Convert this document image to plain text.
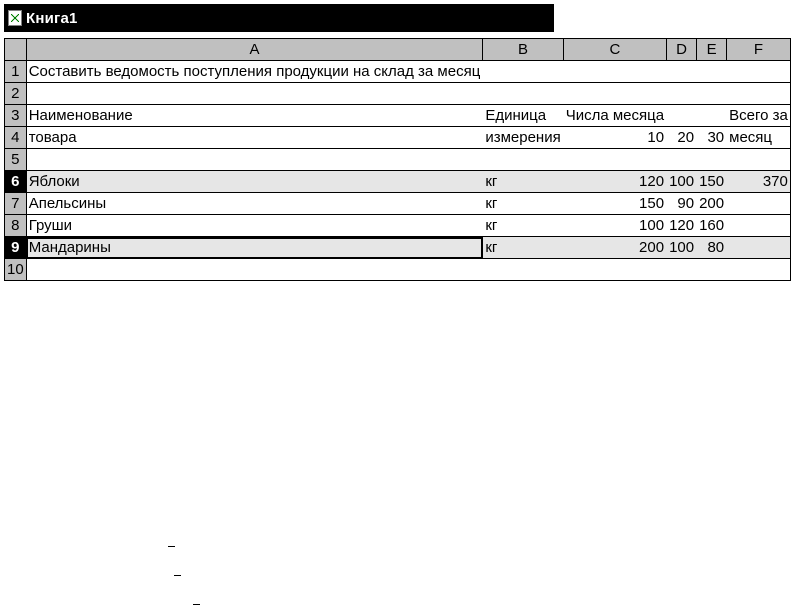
Книга1
	A	B	C	D	E	F
1	Составить ведомость поступления продукции на склад за месяц					
2						
3	Наименование	Единица	Числа месяца			Всего за
4	товара	измерения	10	20	30	месяц
5						
6	Яблоки	кг	120	100	150	370
7	Апельсины	кг	150	90	200	
8	Груши	кг	100	120	160	
9	Мандарины	кг	200	100	80	
10						
